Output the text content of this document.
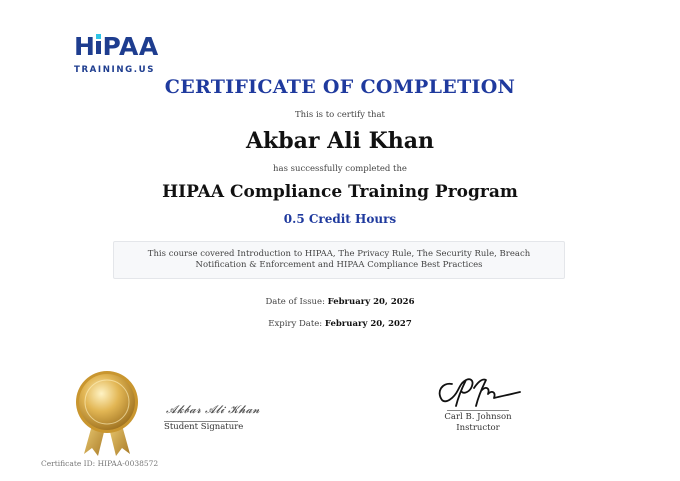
H PAA
TRAINING.US
CERTIFICATE OF COMPLETION
This is to certify that
Akbar Ali Khan
has successfully completed the
HIPAA Compliance Training Program
0.5 Credit Hours
This course covered Introduction to HIPAA, The Privacy Rule, The Security Rule, Breach Notification & Enforcement and HIPAA Compliance Best Practices
Date of Issue: February 20, 2026
Expiry Date: February 20, 2027
𝓐𝓴𝓫𝓪𝓻 𝓐𝓵𝓲 𝓚𝓱𝓪𝓷
Student Signature
Carl B. Johnson
Instructor
Certificate ID: HIPAA-0038572
